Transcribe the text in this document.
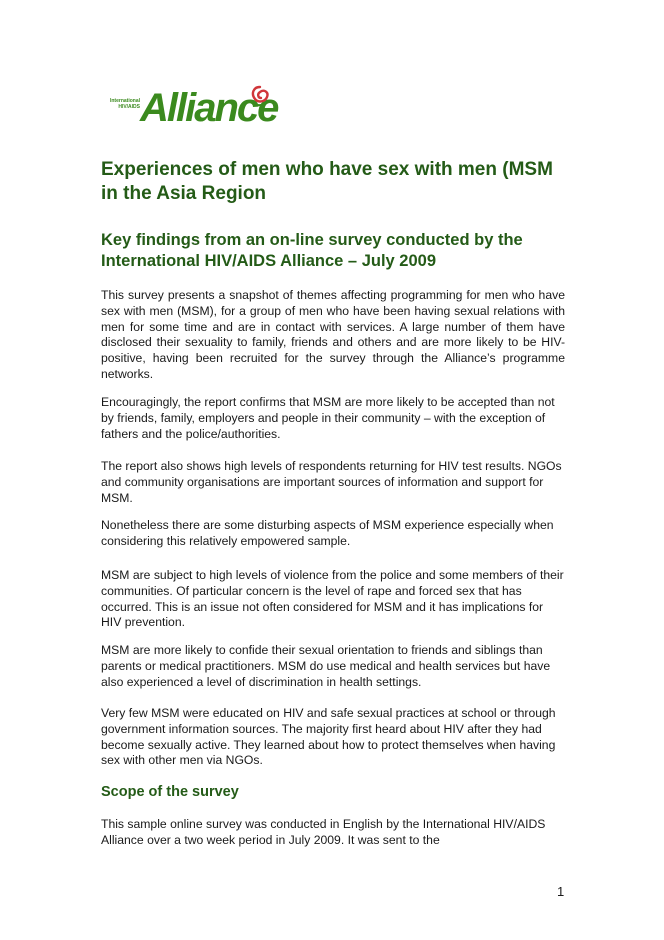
International
HIV/AIDS Alliance
Experiences of men who have sex with men (MSM in the Asia Region
Key findings from an on-line survey conducted by the International HIV/AIDS Alliance – July 2009

This survey presents a snapshot of themes affecting programming for men who have sex with men (MSM), for a group of men who have been having sexual relations with men for some time and are in contact with services. A large number of them have disclosed their sexuality to family, friends and others and are more likely to be HIV-positive, having been recruited for the survey through the Alliance’s programme networks.

Encouragingly, the report confirms that MSM are more likely to be accepted than not by friends, family, employers and people in their community – with the exception of fathers and the police/authorities.

The report also shows high levels of respondents returning for HIV test results. NGOs and community organisations are important sources of information and support for MSM.

Nonetheless there are some disturbing aspects of MSM experience especially when considering this relatively empowered sample.

MSM are subject to high levels of violence from the police and some members of their communities. Of particular concern is the level of rape and forced sex that has occurred. This is an issue not often considered for MSM and it has implications for HIV prevention.

MSM are more likely to confide their sexual orientation to friends and siblings than parents or medical practitioners. MSM do use medical and health services but have also experienced a level of discrimination in health settings.

Very few MSM were educated on HIV and safe sexual practices at school or through government information sources. The majority first heard about HIV after they had become sexually active. They learned about how to protect themselves when having sex with other men via NGOs.

Scope of the survey

This sample online survey was conducted in English by the International HIV/AIDS Alliance over a two week period in July 2009. It was sent to the

1
